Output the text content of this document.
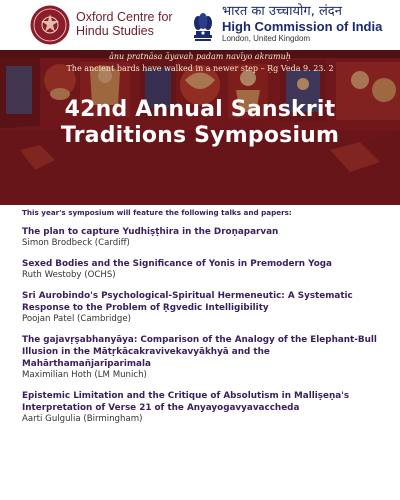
Oxford Centre for
Hindu Studies
भारत का उच्चायोग, लंदन
High Commission of India
London, United Kingdom
ānu pratnāsa āyavah padam navīyo akramuḥ
The ancient bards have walked in a newer step – Ṛg Veda 9. 23. 2
42nd Annual Sanskrit
Traditions Symposium
This year's symposium will feature the following talks and papers:
The plan to capture Yudhiṣṭhira in the Droṇaparvan
Simon Brodbeck (Cardiff)
Sexed Bodies and the Significance of Yonis in Premodern Yoga
Ruth Westoby (OCHS)
Sri Aurobindo's Psychological-Spiritual Hermeneutic: A Systematic Response to the Problem of Ṛgvedic Intelligibility
Poojan Patel (Cambridge)
The gajavṛṣabhanyāya: Comparison of the Analogy of the Elephant-Bull Illusion in the Mātṛkācakravivekavyākhyā and the Mahārthamañjarīparimala
Maximilian Hoth (LM Munich)
Epistemic Limitation and the Critique of Absolutism in Malliṣeṇa's Interpretation of Verse 21 of the Anyayogavyavaccheda
Aarti Gulgulia (Birmingham)
